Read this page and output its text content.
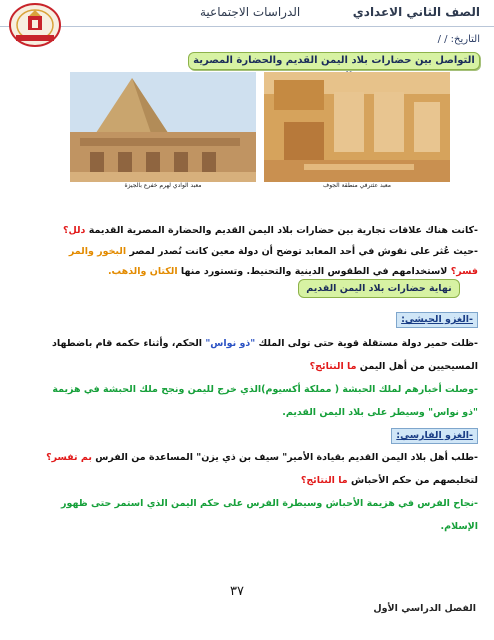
الصف الثاني الاعدادي
الدراسات الاجتماعية
التاريخ: / /
التواصل بين حضارات بلاد اليمن القديم والحضارة المصرية
معبد الوادي لهرم خفرع بالجيزة	معبد عثترفي منطقة الجوف
-كانت هناك علاقات تجارية بين حضارات بلاد اليمن القديم والحضارة المصرية القديمة دلل؟
-حيث عُثر على نقوش في أحد المعابد توضح أن دولة معين كانت تُصدر لمصر البخور والمر
فسر؟ لاستخدامهم في الطقوس الدينية والتحنيط. وتستورد منها الكتان والذهب.
نهاية حضارات بلاد اليمن القديم
-الغزو الحبشي:
-ظلت حمير دولة مستقلة قوية حتى تولى الملك "ذو نواس" الحكم، وأثناء حكمه قام باضطهاد
المسيحيين من أهل اليمن ما النتائج؟
-وصلت أخبارهم لملك الحبشة ( مملكة أكسيوم)الذي خرج لليمن ونجح ملك الحبشة في هزيمة
"ذو نواس" وسيطر على بلاد اليمن القديم.
-الغزو الفارسي:
-طلب أهل بلاد اليمن القديم بقيادة الأمير" سيف بن ذي يزن" المساعدة من الفرس بم تفسر؟
لتخليصهم من حكم الأحباش ما النتائج؟
-نجاح الفرس في هزيمة الأحباش وسيطرة الفرس على حكم اليمن الذي استمر حتى ظهور
الإسلام.
٣٧
الفصل الدراسي الأول
